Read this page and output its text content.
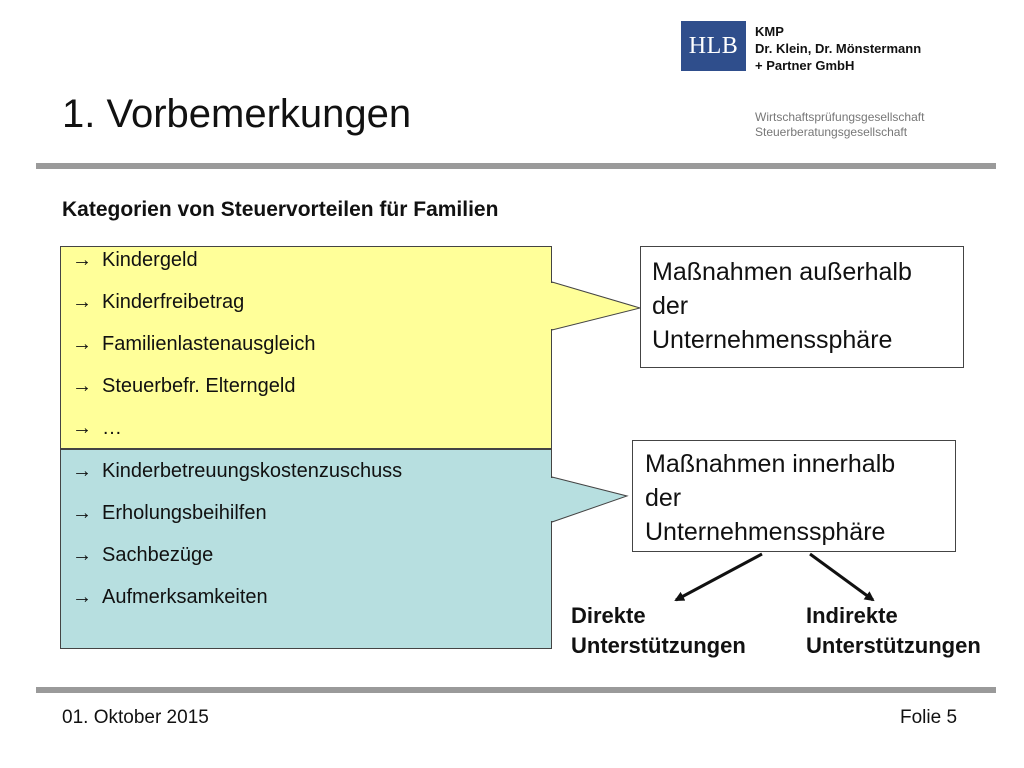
1. Vorbemerkungen
HLB
KMP
Dr. Klein, Dr. Mönstermann
+ Partner GmbH
Wirtschaftsprüfungsgesellschaft
Steuerberatungsgesellschaft
Kategorien von Steuervorteilen für Familien
→ Kindergeld
→ Kinderfreibetrag
→ Familienlastenausgleich
→ Steuerbefr. Elterngeld
→ …
→ Kinderbetreuungskostenzuschuss
→ Erholungsbeihilfen
→ Sachbezüge
→ Aufmerksamkeiten
Maßnahmen außerhalb
der
Unternehmenssphäre
Maßnahmen innerhalb
der
Unternehmenssphäre
Direkte
Unterstützungen
Indirekte
Unterstützungen
01. Oktober 2015	Folie 5
